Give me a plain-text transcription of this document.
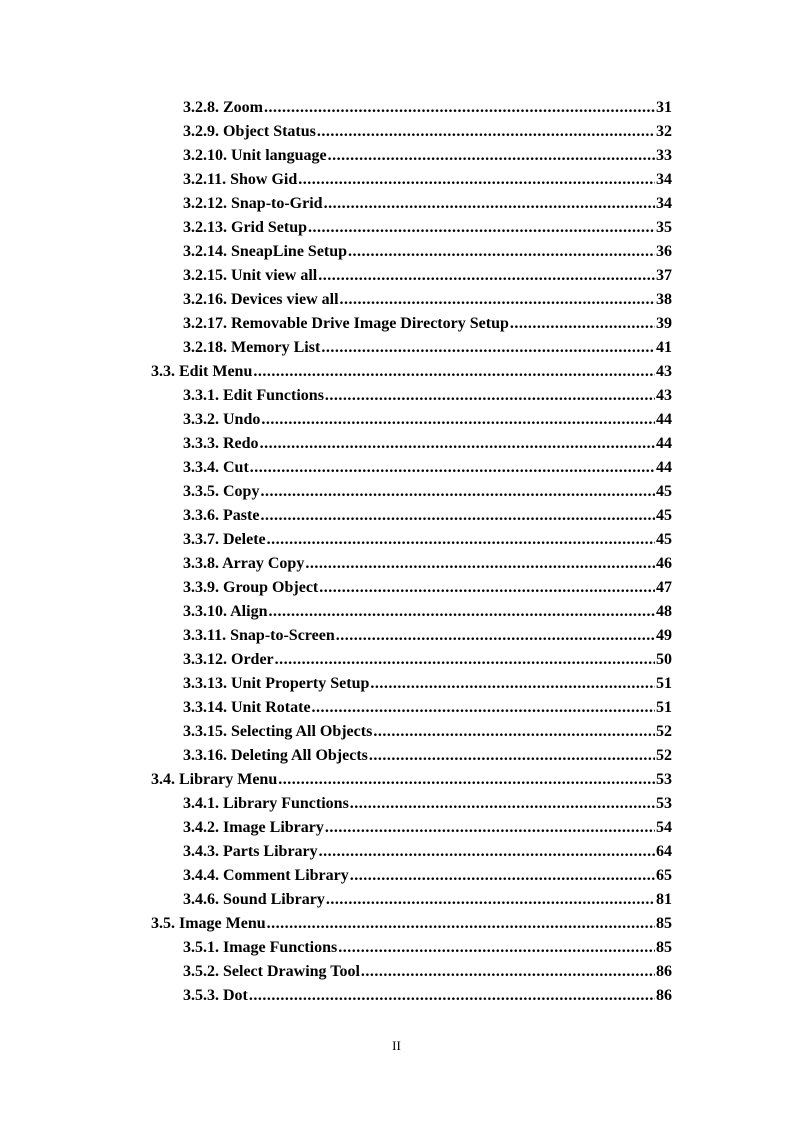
3.2.8. Zoom .....	31
3.2.9. Object Status .....	32
3.2.10. Unit language .....	33
3.2.11. Show Gid .....	34
3.2.12. Snap-to-Grid .....	34
3.2.13. Grid Setup .....	35
3.2.14. SneapLine Setup .....	36
3.2.15. Unit view all .....	37
3.2.16. Devices view all .....	38
3.2.17. Removable Drive Image Directory Setup .....	39
3.2.18. Memory List .....	41
3.3. Edit Menu .....	43
3.3.1. Edit Functions .....	43
3.3.2. Undo .....	44
3.3.3. Redo .....	44
3.3.4. Cut .....	44
3.3.5. Copy .....	45
3.3.6. Paste .....	45
3.3.7. Delete .....	45
3.3.8. Array Copy .....	46
3.3.9. Group Object .....	47
3.3.10. Align .....	48
3.3.11. Snap-to-Screen .....	49
3.3.12. Order .....	50
3.3.13. Unit Property Setup .....	51
3.3.14. Unit Rotate .....	51
3.3.15. Selecting All Objects .....	52
3.3.16. Deleting All Objects .....	52
3.4. Library Menu .....	53
3.4.1. Library Functions .....	53
3.4.2. Image Library .....	54
3.4.3. Parts Library .....	64
3.4.4. Comment Library .....	65
3.4.6. Sound Library .....	81
3.5. Image Menu .....	85
3.5.1. Image Functions .....	85
3.5.2. Select Drawing Tool .....	86
3.5.3. Dot .....	86
II
